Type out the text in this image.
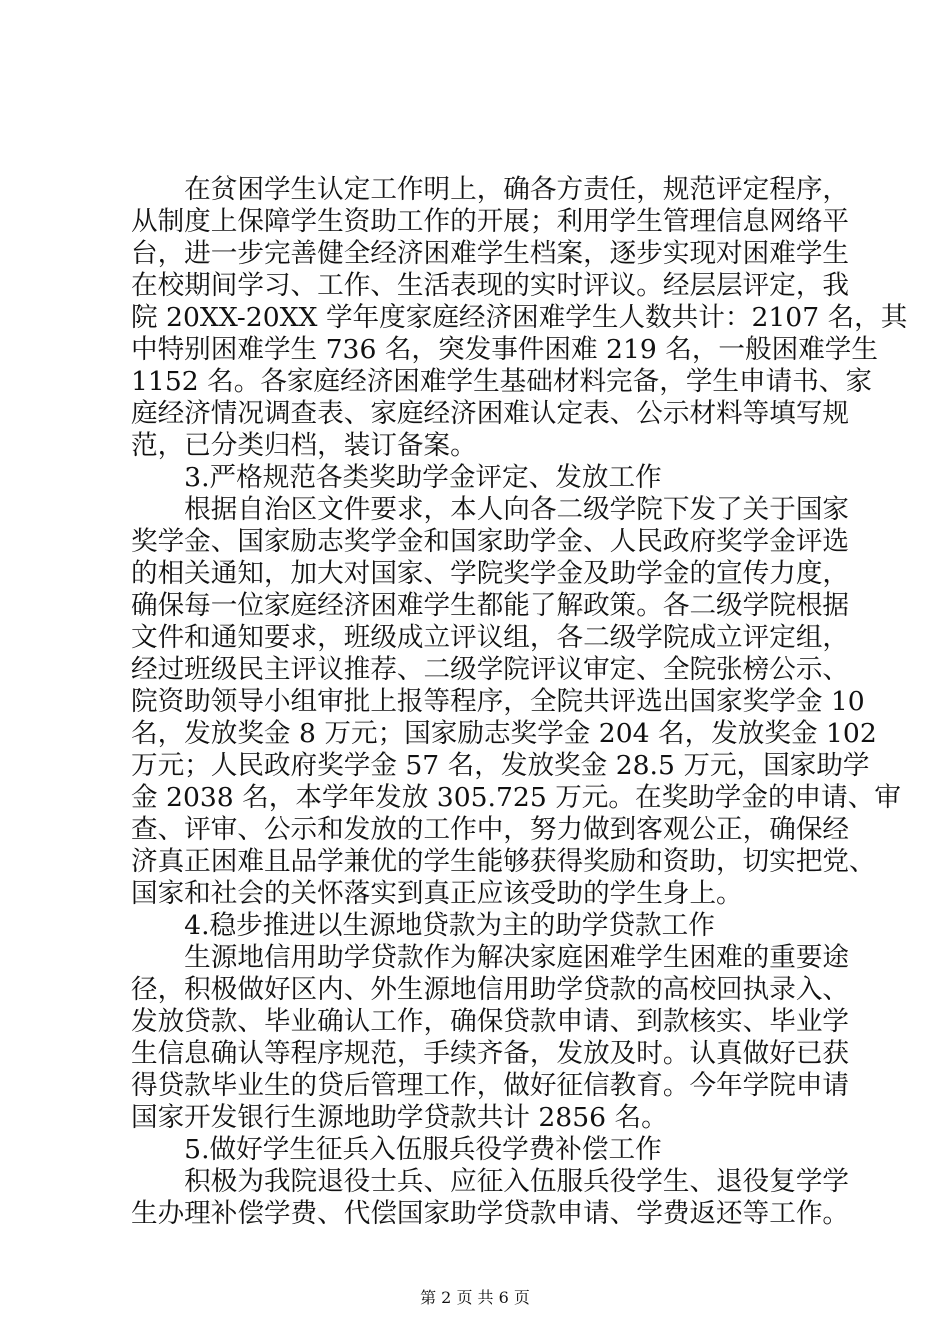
　　在贫困学生认定工作明上，确各方责任，规范评定程序，
从制度上保障学生资助工作的开展；利用学生管理信息网络平
台，进一步完善健全经济困难学生档案，逐步实现对困难学生
在校期间学习、工作、生活表现的实时评议。经层层评定，我
院 20XX-20XX 学年度家庭经济困难学生人数共计：2107 名，其
中特别困难学生 736 名，突发事件困难 219 名，一般困难学生
1152 名。各家庭经济困难学生基础材料完备，学生申请书、家
庭经济情况调查表、家庭经济困难认定表、公示材料等填写规
范，已分类归档，装订备案。
　　3.严格规范各类奖助学金评定、发放工作
　　根据自治区文件要求，本人向各二级学院下发了关于国家
奖学金、国家励志奖学金和国家助学金、人民政府奖学金评选
的相关通知，加大对国家、学院奖学金及助学金的宣传力度，
确保每一位家庭经济困难学生都能了解政策。各二级学院根据
文件和通知要求，班级成立评议组，各二级学院成立评定组，
经过班级民主评议推荐、二级学院评议审定、全院张榜公示、
院资助领导小组审批上报等程序，全院共评选出国家奖学金 10
名，发放奖金 8 万元；国家励志奖学金 204 名，发放奖金 102
万元；人民政府奖学金 57 名，发放奖金 28.5 万元，国家助学
金 2038 名，本学年发放 305.725 万元。在奖助学金的申请、审
查、评审、公示和发放的工作中，努力做到客观公正，确保经
济真正困难且品学兼优的学生能够获得奖励和资助，切实把党、
国家和社会的关怀落实到真正应该受助的学生身上。
　　4.稳步推进以生源地贷款为主的助学贷款工作
　　生源地信用助学贷款作为解决家庭困难学生困难的重要途
径，积极做好区内、外生源地信用助学贷款的高校回执录入、
发放贷款、毕业确认工作，确保贷款申请、到款核实、毕业学
生信息确认等程序规范，手续齐备，发放及时。认真做好已获
得贷款毕业生的贷后管理工作，做好征信教育。今年学院申请
国家开发银行生源地助学贷款共计 2856 名。
　　5.做好学生征兵入伍服兵役学费补偿工作
　　积极为我院退役士兵、应征入伍服兵役学生、退役复学学
生办理补偿学费、代偿国家助学贷款申请、学费返还等工作。
第 2 页 共 6 页
